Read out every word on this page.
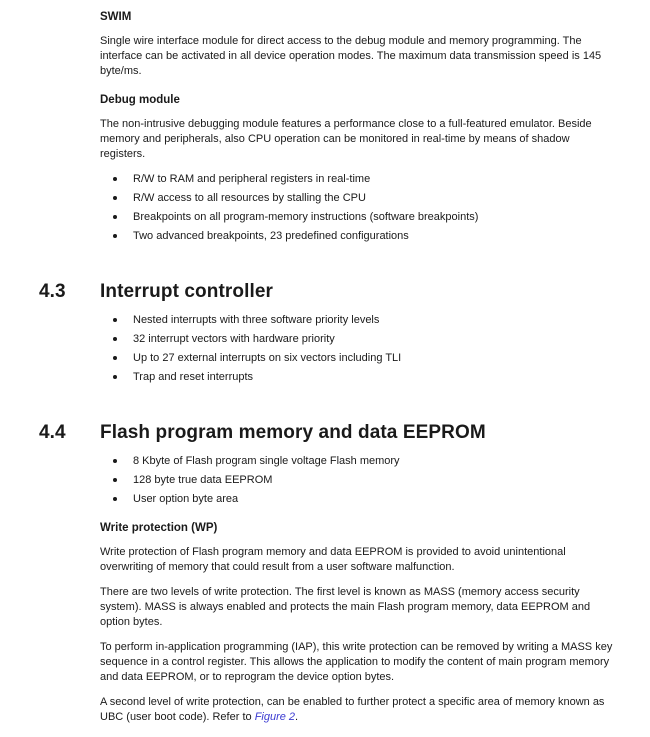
SWIM

Single wire interface module for direct access to the debug module and memory programming. The interface can be activated in all device operation modes. The maximum data transmission speed is 145 byte/ms.

Debug module

The non-intrusive debugging module features a performance close to a full-featured emulator. Beside memory and peripherals, also CPU operation can be monitored in real-time by means of shadow registers.

R/W to RAM and peripheral registers in real-time
R/W access to all resources by stalling the CPU
Breakpoints on all program-memory instructions (software breakpoints)
Two advanced breakpoints, 23 predefined configurations
4.3 Interrupt controller
Nested interrupts with three software priority levels
32 interrupt vectors with hardware priority
Up to 27 external interrupts on six vectors including TLI
Trap and reset interrupts
4.4 Flash program memory and data EEPROM
8 Kbyte of Flash program single voltage Flash memory
128 byte true data EEPROM
User option byte area
Write protection (WP)

Write protection of Flash program memory and data EEPROM is provided to avoid unintentional overwriting of memory that could result from a user software malfunction.

There are two levels of write protection. The first level is known as MASS (memory access security system). MASS is always enabled and protects the main Flash program memory, data EEPROM and option bytes.

To perform in-application programming (IAP), this write protection can be removed by writing a MASS key sequence in a control register. This allows the application to modify the content of main program memory and data EEPROM, or to reprogram the device option bytes.

A second level of write protection, can be enabled to further protect a specific area of memory known as UBC (user boot code). Refer to Figure 2.
